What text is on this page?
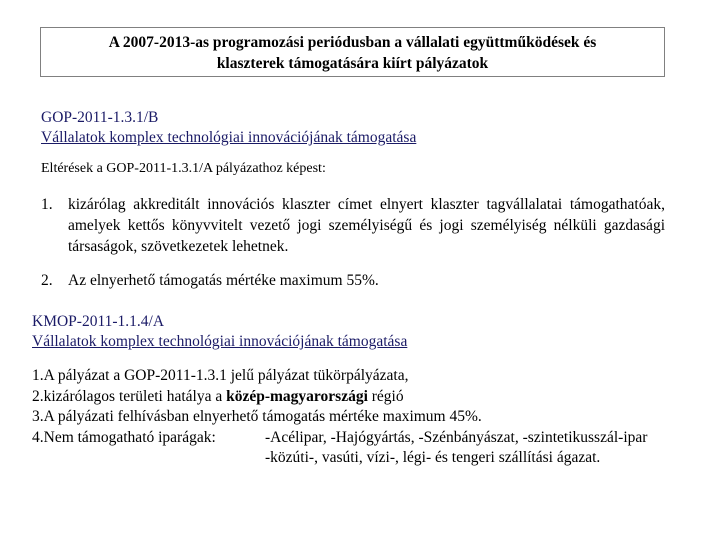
A 2007-2013-as programozási periódusban a vállalati együttműködések és
klaszterek támogatására kiírt pályázatok
GOP-2011-1.3.1/B
Vállalatok komplex technológiai innovációjának támogatása
Eltérések a GOP-2011-1.3.1/A pályázathoz képest:
1. kizárólag akkreditált innovációs klaszter címet elnyert klaszter tagvállalatai támogathatóak, amelyek kettős könyvvitelt vezető jogi személyiségű és jogi személyiség nélküli gazdasági társaságok, szövetkezetek lehetnek.
2. Az elnyerhető támogatás mértéke maximum 55%.
KMOP-2011-1.1.4/A
Vállalatok komplex technológiai innovációjának támogatása
1.A pályázat a GOP-2011-1.3.1 jelű pályázat tükörpályázata,
2.kizárólagos területi hatálya a közép-magyarországi régió
3.A pályázati felhívásban elnyerhető támogatás mértéke maximum 45%.
4.Nem támogatható iparágak:	-Acélipar, -Hajógyártás, -Szénbányászat, -szintetikusszál-ipar
-közúti-, vasúti, vízi-, légi- és tengeri szállítási ágazat.
